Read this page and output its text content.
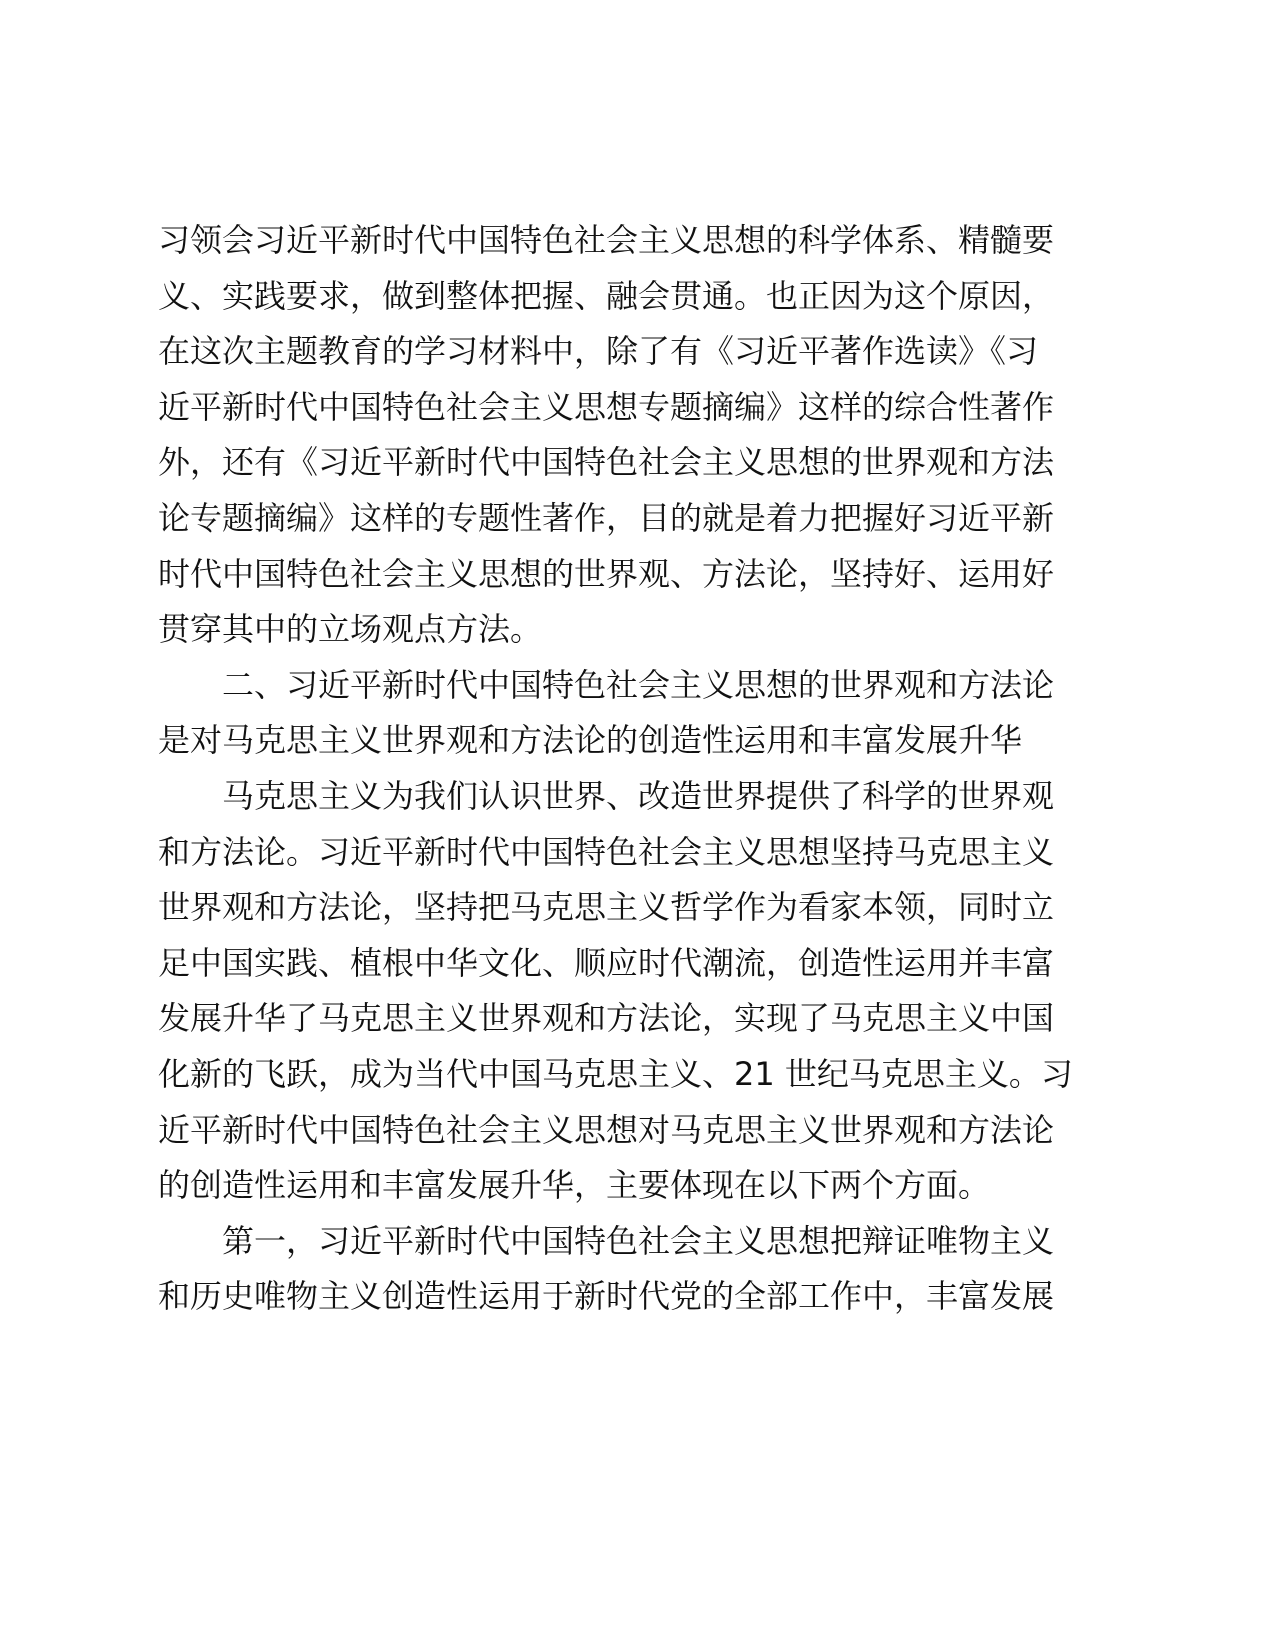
习领会习近平新时代中国特色社会主义思想的科学体系、精髓要
义、实践要求，做到整体把握、融会贯通。也正因为这个原因，
在这次主题教育的学习材料中，除了有《习近平著作选读》《习
近平新时代中国特色社会主义思想专题摘编》这样的综合性著作
外，还有《习近平新时代中国特色社会主义思想的世界观和方法
论专题摘编》这样的专题性著作，目的就是着力把握好习近平新
时代中国特色社会主义思想的世界观、方法论，坚持好、运用好
贯穿其中的立场观点方法。
二、习近平新时代中国特色社会主义思想的世界观和方法论
是对马克思主义世界观和方法论的创造性运用和丰富发展升华
马克思主义为我们认识世界、改造世界提供了科学的世界观
和方法论。习近平新时代中国特色社会主义思想坚持马克思主义
世界观和方法论，坚持把马克思主义哲学作为看家本领，同时立
足中国实践、植根中华文化、顺应时代潮流，创造性运用并丰富
发展升华了马克思主义世界观和方法论，实现了马克思主义中国
化新的飞跃，成为当代中国马克思主义、21 世纪马克思主义。习
近平新时代中国特色社会主义思想对马克思主义世界观和方法论
的创造性运用和丰富发展升华，主要体现在以下两个方面。
第一，习近平新时代中国特色社会主义思想把辩证唯物主义
和历史唯物主义创造性运用于新时代党的全部工作中，丰富发展
